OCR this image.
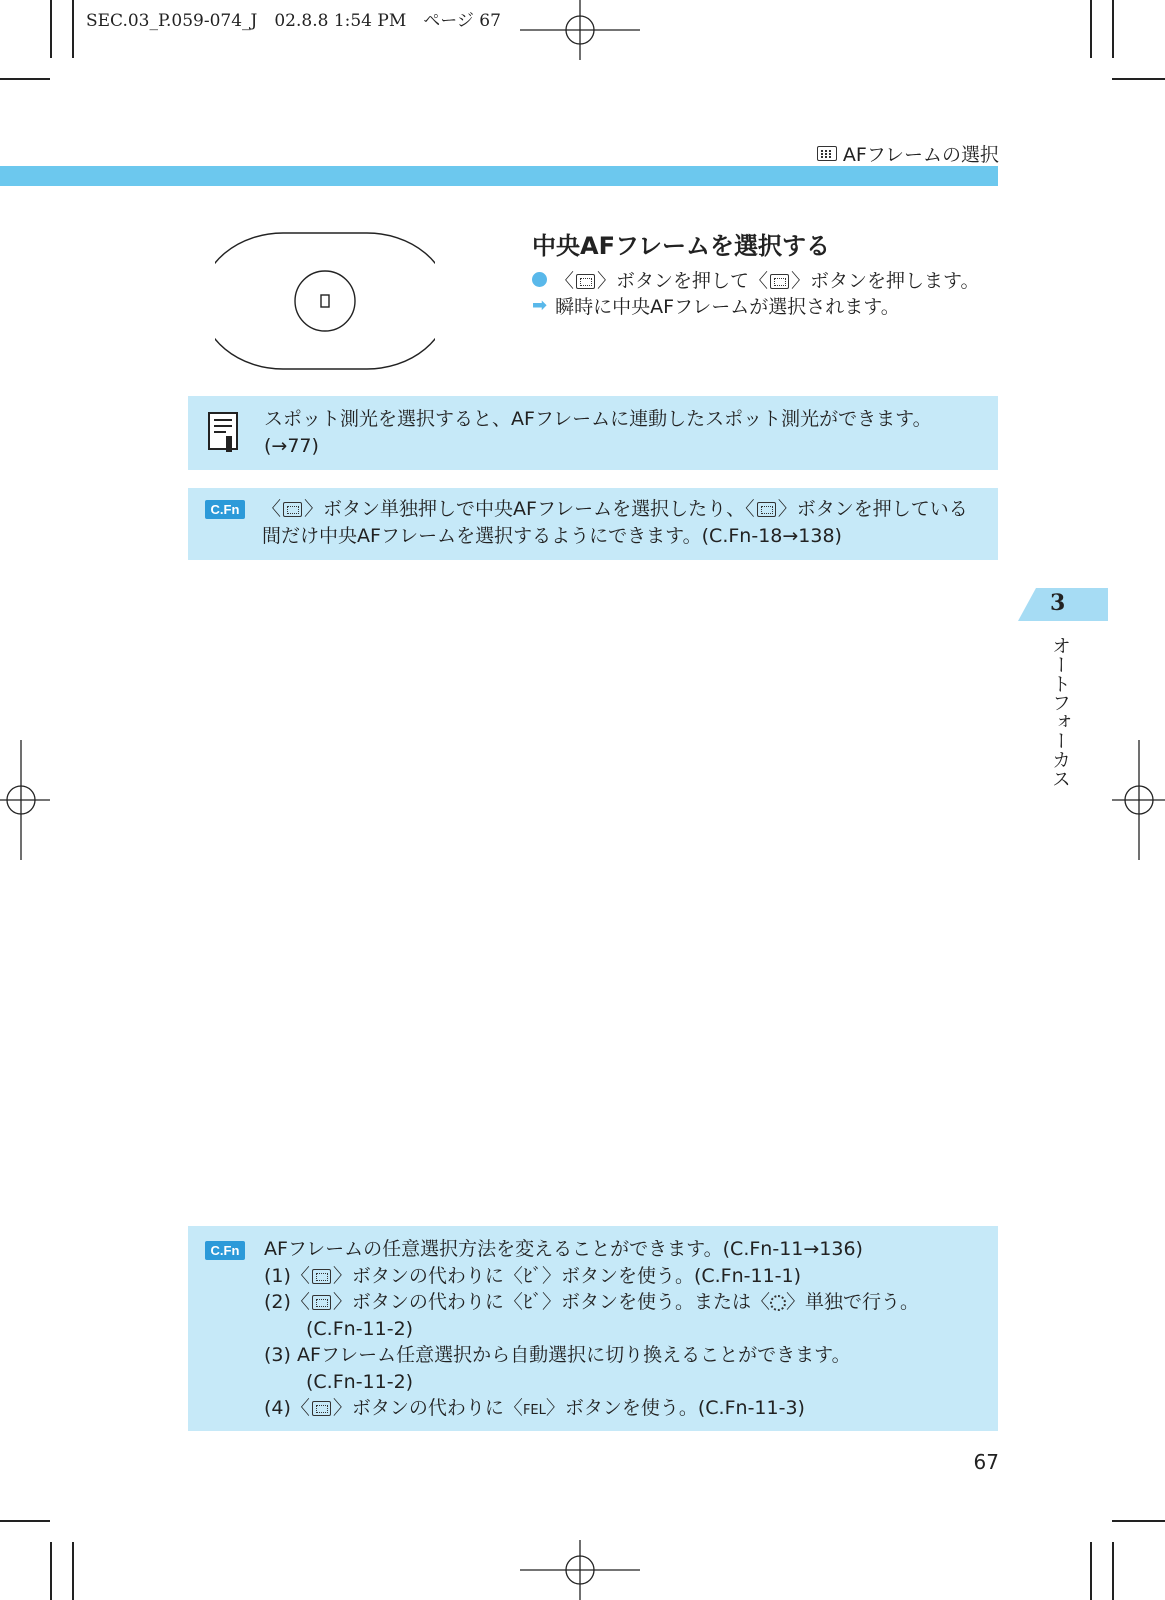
SEC.03_P.059-074_J　02.8.8 1:54 PM　ページ 67
AFフレームの選択
中央AFフレームを選択する
〈 〉ボタンを押して〈 〉ボタンを押します。
➡ 瞬時に中央AFフレームが選択されます。
スポット測光を選択すると、AFフレームに連動したスポット測光ができます。
(→77)
C.Fn 〈 〉ボタン単独押しで中央AFフレームを選択したり、〈 〉ボタンを押している
間だけ中央AFフレームを選択するようにできます。(C.Fn-18→138)
3
オートフォーカス
C.Fn AFフレームの任意選択方法を変えることができます。(C.Fn-11→136)
(1)〈 〉ボタンの代わりに〈ﾋﾞ〉ボタンを使う。(C.Fn-11-1)
(2)〈 〉ボタンの代わりに〈ﾋﾞ〉ボタンを使う。または〈 〉単独で行う。
(C.Fn-11-2)
(3) AFフレーム任意選択から自動選択に切り換えることができます。
(C.Fn-11-2)
(4)〈 〉ボタンの代わりに〈FEL〉ボタンを使う。(C.Fn-11-3)
67
